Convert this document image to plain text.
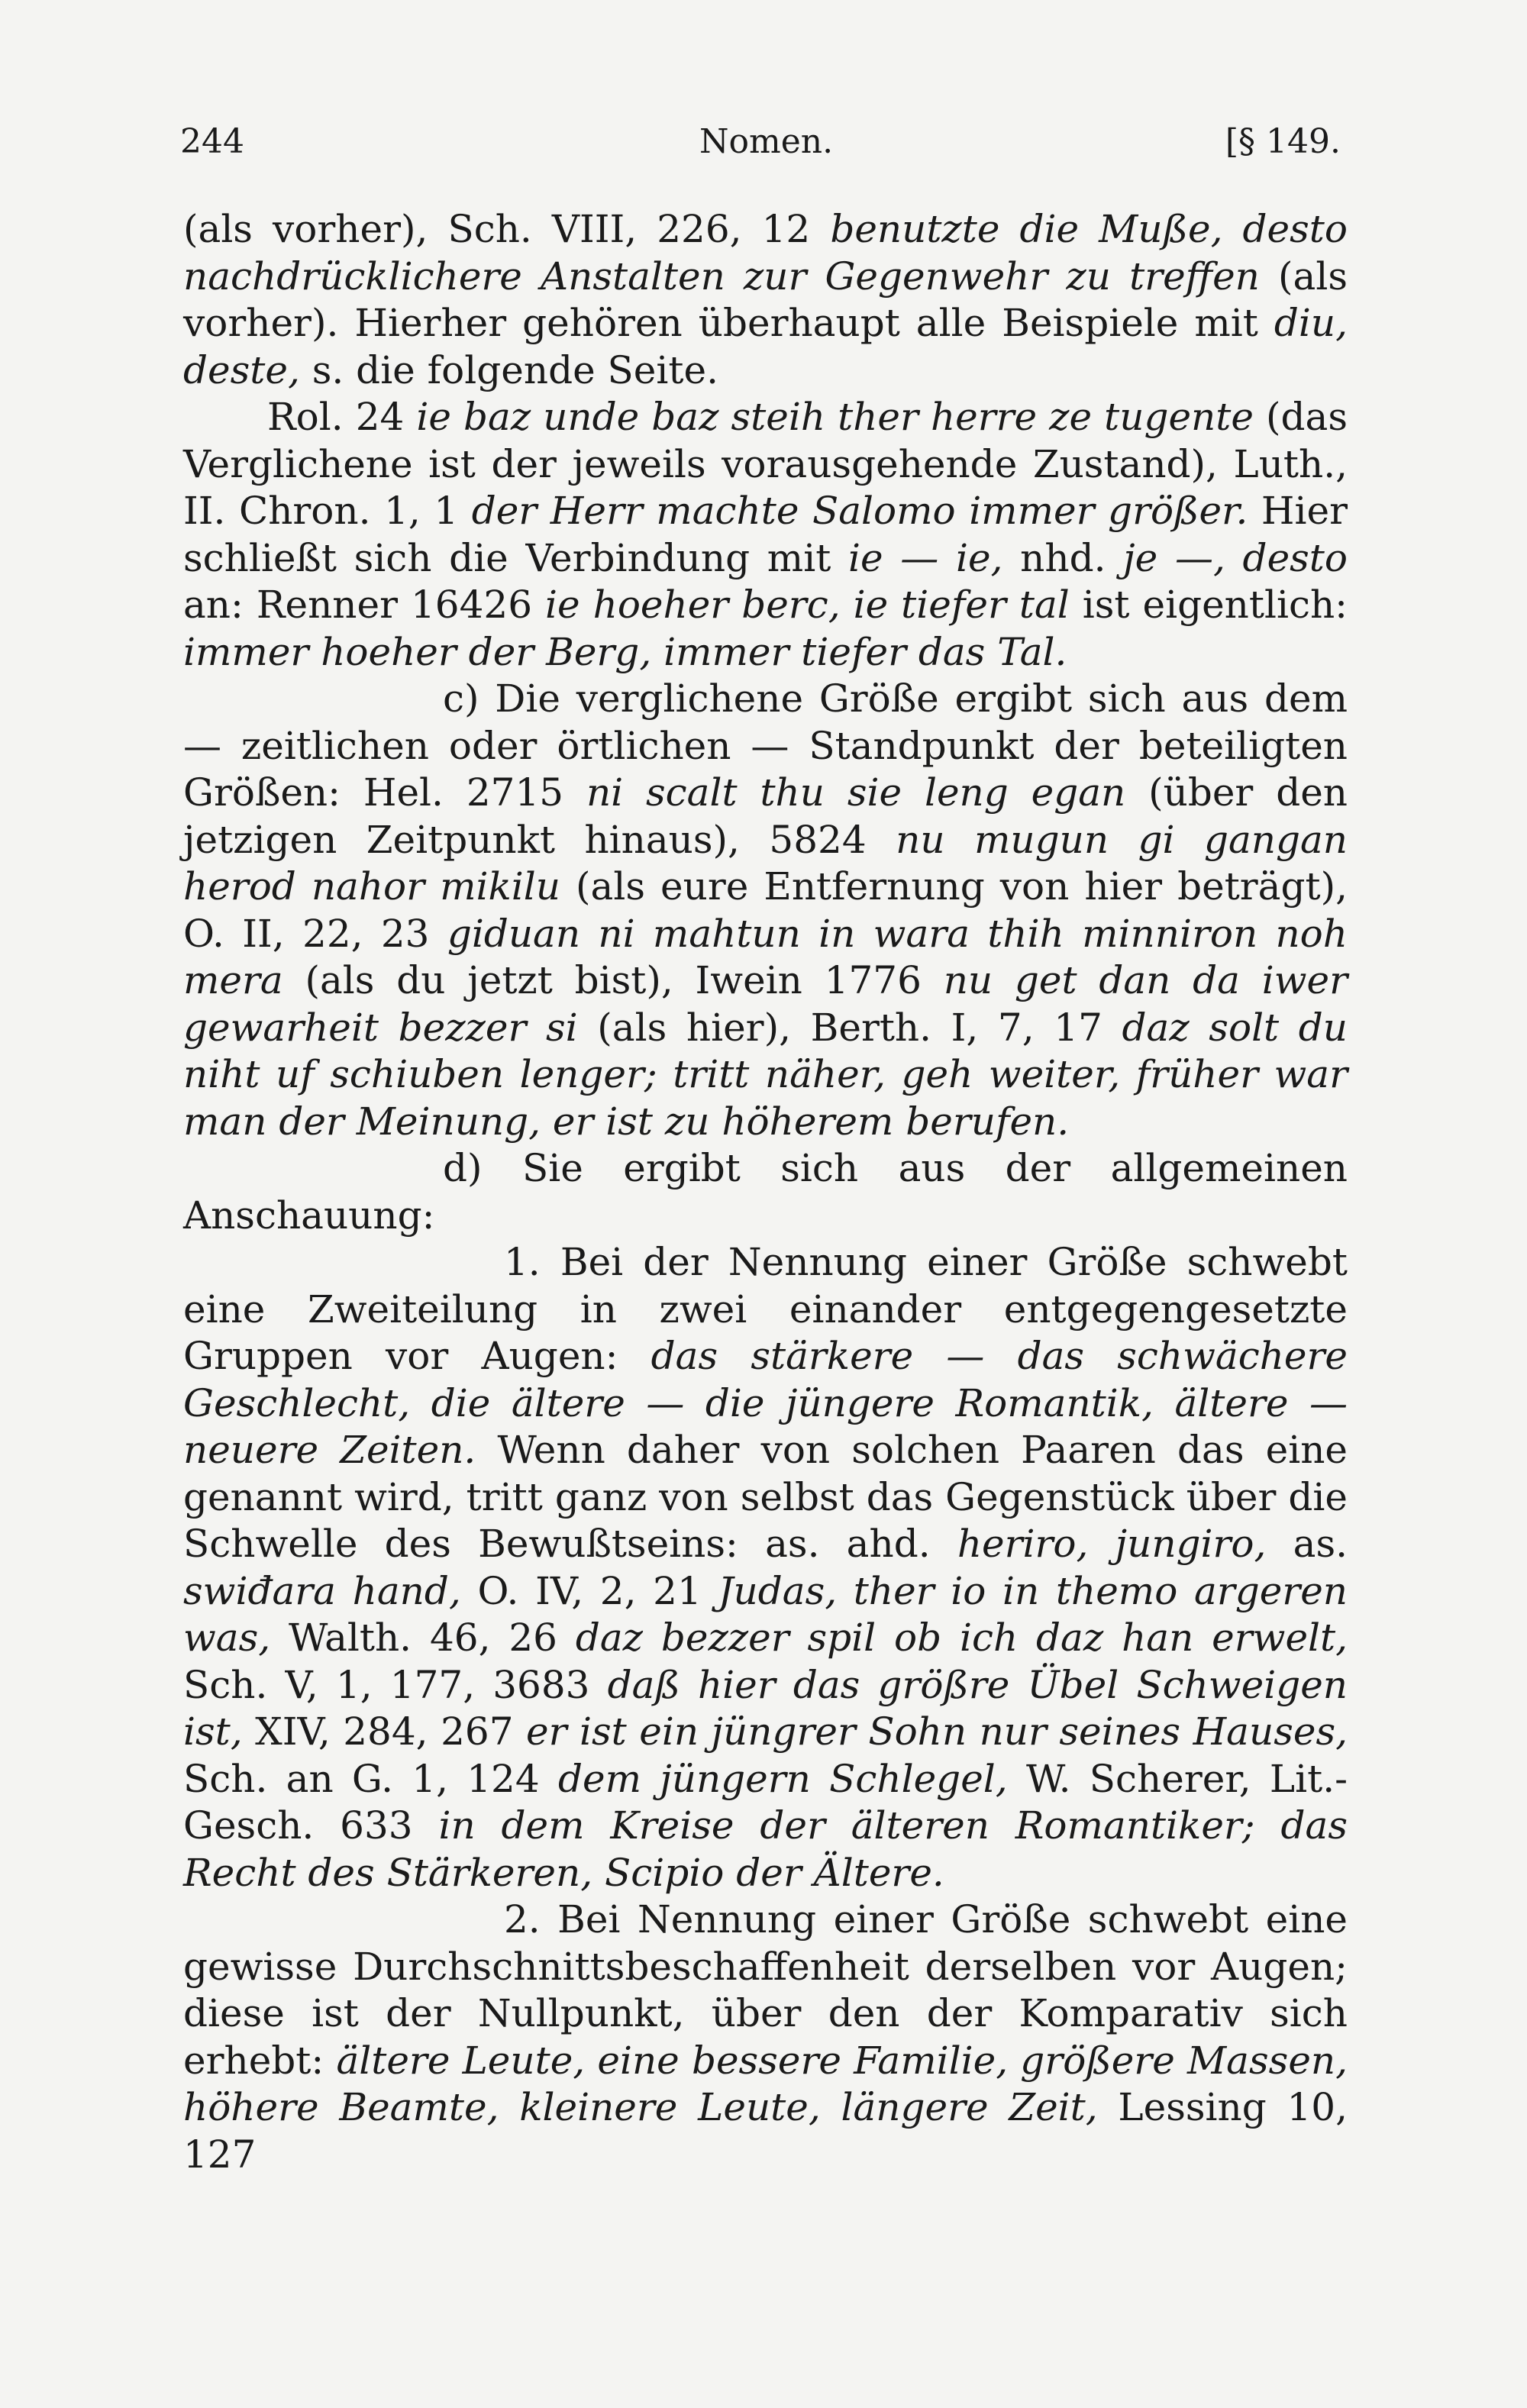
244	Nomen.	[§ 149.

(als vorher), Sch. VIII, 226, 12 benutzte die Muße, desto nachdrücklichere Anstalten zur Gegenwehr zu treffen (als vorher). Hierher gehören überhaupt alle Beispiele mit diu, deste, s. die folgende Seite.

Rol. 24 ie baz unde baz steih ther herre ze tugente (das Verglichene ist der jeweils vorausgehende Zustand), Luth., II. Chron. 1, 1 der Herr machte Salomo immer größer. Hier schließt sich die Verbindung mit ie — ie, nhd. je —, desto an: Renner 16426 ie hoeher berc, ie tiefer tal ist eigentlich: immer hoeher der Berg, immer tiefer das Tal.

c) Die verglichene Größe ergibt sich aus dem — zeitlichen oder örtlichen — Standpunkt der beteiligten Größen: Hel. 2715 ni scalt thu sie leng egan (über den jetzigen Zeitpunkt hinaus), 5824 nu mugun gi gangan herod nahor mikilu (als eure Entfernung von hier beträgt), O. II, 22, 23 giduan ni mahtun in wara thih minniron noh mera (als du jetzt bist), Iwein 1776 nu get dan da iwer gewarheit bezzer si (als hier), Berth. I, 7, 17 daz solt du niht uf schiuben lenger; tritt näher, geh weiter, früher war man der Meinung, er ist zu höherem berufen.

d) Sie ergibt sich aus der allgemeinen Anschauung:

1. Bei der Nennung einer Größe schwebt eine Zweiteilung in zwei einander entgegengesetzte Gruppen vor Augen: das stärkere — das schwächere Geschlecht, die ältere — die jüngere Romantik, ältere — neuere Zeiten. Wenn daher von solchen Paaren das eine genannt wird, tritt ganz von selbst das Gegenstück über die Schwelle des Bewußtseins: as. ahd. heriro, jungiro, as. swiđara hand, O. IV, 2, 21 Judas, ther io in themo argeren was, Walth. 46, 26 daz bezzer spil ob ich daz han erwelt, Sch. V, 1, 177, 3683 daß hier das größre Übel Schweigen ist, XIV, 284, 267 er ist ein jüngrer Sohn nur seines Hauses, Sch. an G. 1, 124 dem jüngern Schlegel, W. Scherer, Lit.-Gesch. 633 in dem Kreise der älteren Romantiker; das Recht des Stärkeren, Scipio der Ältere.

2. Bei Nennung einer Größe schwebt eine gewisse Durchschnittsbeschaffenheit derselben vor Augen; diese ist der Nullpunkt, über den der Komparativ sich erhebt: ältere Leute, eine bessere Familie, größere Massen, höhere Beamte, kleinere Leute, längere Zeit, Lessing 10, 127
